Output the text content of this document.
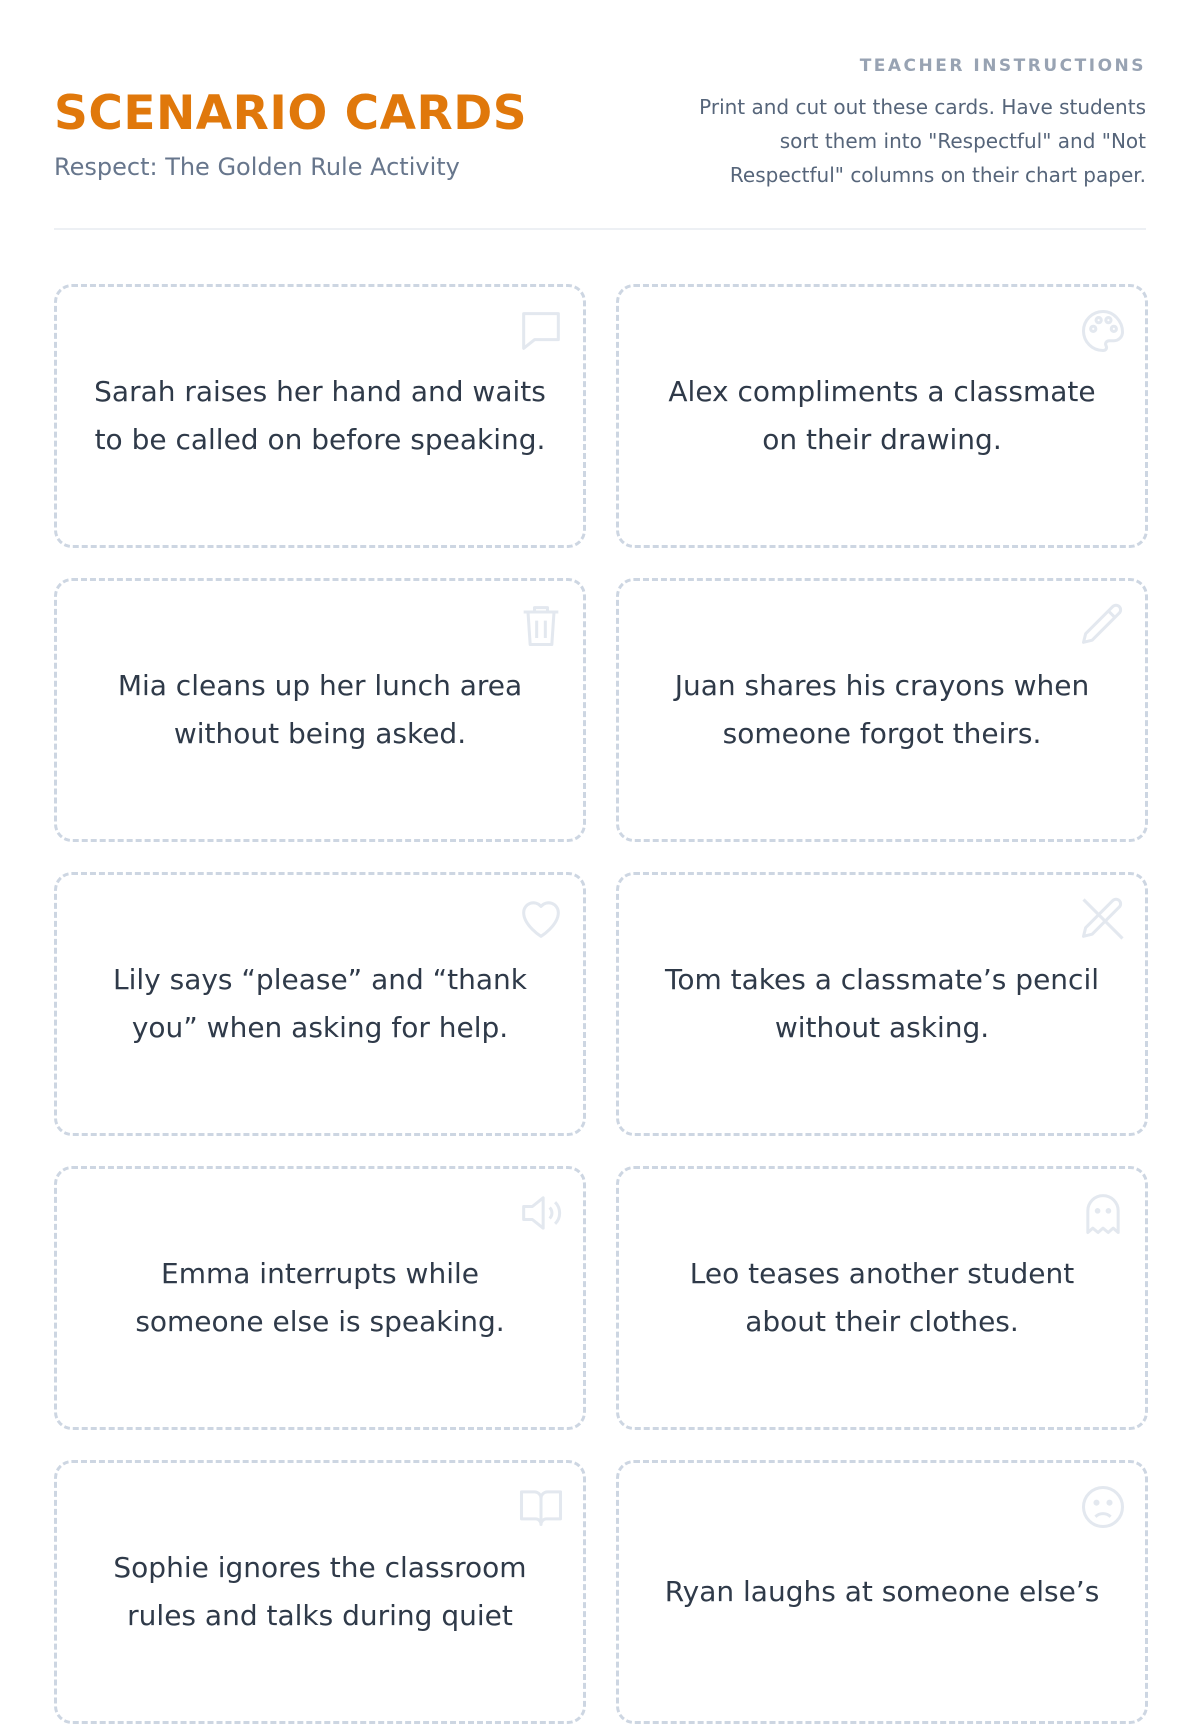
SCENARIO CARDS
Respect: The Golden Rule Activity
TEACHER INSTRUCTIONS
Print and cut out these cards. Have students sort them into "Respectful" and "Not Respectful" columns on their chart paper.
Sarah raises her hand and waits to be called on before speaking.
Alex compliments a classmate on their drawing.
Mia cleans up her lunch area without being asked.
Juan shares his crayons when someone forgot theirs.
Lily says “please” and “thank you” when asking for help.
Tom takes a classmate’s pencil without asking.
Emma interrupts while someone else is speaking.
Leo teases another student about their clothes.
Sophie ignores the classroom rules and talks during quiet
Ryan laughs at someone else’s
